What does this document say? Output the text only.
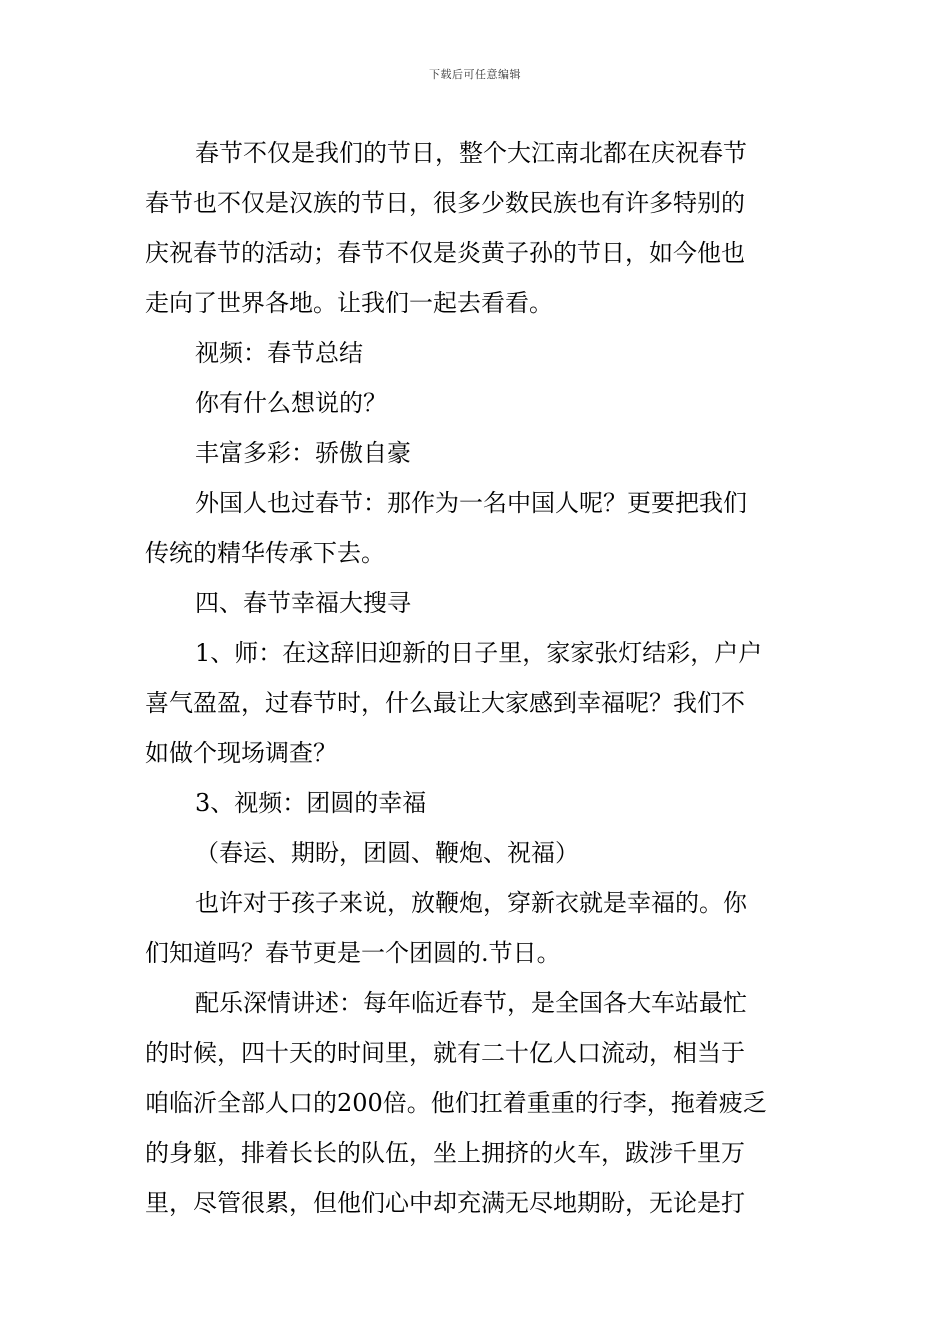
下载后可任意编辑
春节不仅是我们的节日，整个大江南北都在庆祝春节
春节也不仅是汉族的节日，很多少数民族也有许多特别的
庆祝春节的活动；春节不仅是炎黄子孙的节日，如今他也
走向了世界各地。让我们一起去看看。
视频：春节总结
你有什么想说的？
丰富多彩：骄傲自豪
外国人也过春节：那作为一名中国人呢？更要把我们
传统的精华传承下去。
四、春节幸福大搜寻
1、师：在这辞旧迎新的日子里，家家张灯结彩，户户
喜气盈盈，过春节时，什么最让大家感到幸福呢？我们不
如做个现场调查？
3、视频：团圆的幸福
（春运、期盼，团圆、鞭炮、祝福）
也许对于孩子来说，放鞭炮，穿新衣就是幸福的。你
们知道吗？春节更是一个团圆的.节日。
配乐深情讲述：每年临近春节，是全国各大车站最忙
的时候，四十天的时间里，就有二十亿人口流动，相当于
咱临沂全部人口的200倍。他们扛着重重的行李，拖着疲乏
的身躯，排着长长的队伍，坐上拥挤的火车，跋涉千里万
里，尽管很累，但他们心中却充满无尽地期盼，无论是打
